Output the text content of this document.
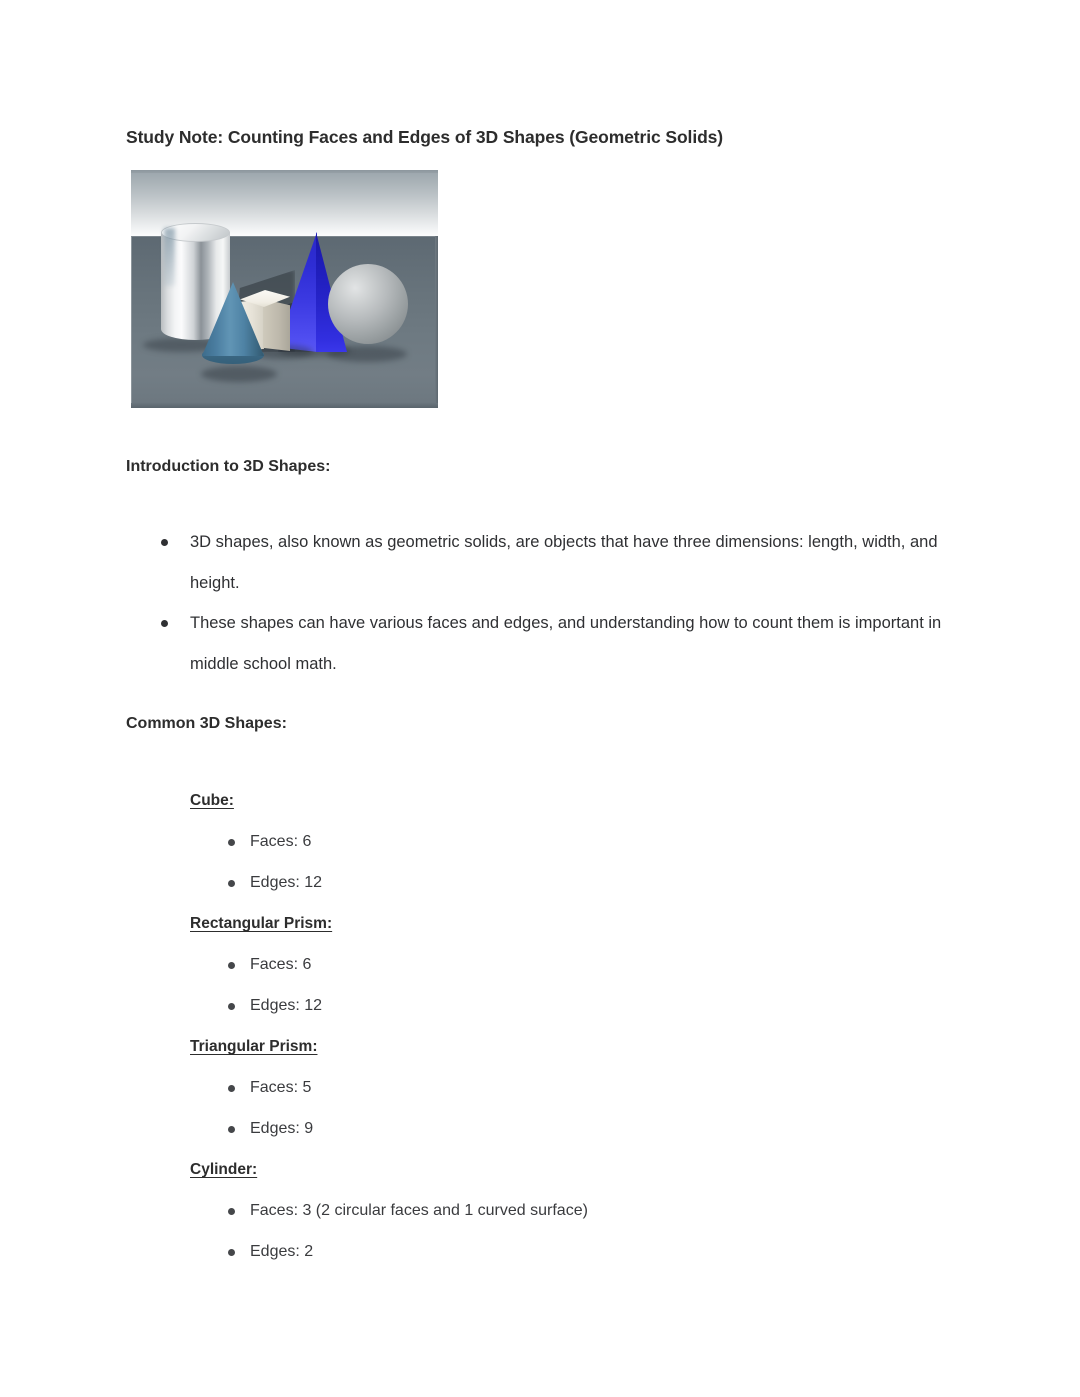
Study Note: Counting Faces and Edges of 3D Shapes (Geometric Solids)
Introduction to 3D Shapes:
3D shapes, also known as geometric solids, are objects that have three dimensions: length, width, and height.
These shapes can have various faces and edges, and understanding how to count them is important in middle school math.
Common 3D Shapes:
Cube:
Faces: 6
Edges: 12
Rectangular Prism:
Faces: 6
Edges: 12
Triangular Prism:
Faces: 5
Edges: 9
Cylinder:
Faces: 3 (2 circular faces and 1 curved surface)
Edges: 2
